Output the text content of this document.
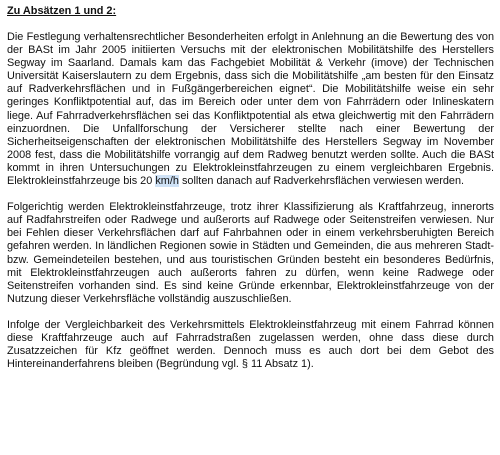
Zu Absätzen 1 und 2:

Die Festlegung verhaltensrechtlicher Besonderheiten erfolgt in Anlehnung an die Bewertung des von der BASt im Jahr 2005 initiierten Versuchs mit der elektronischen Mobilitätshilfe des Herstellers Segway im Saarland. Damals kam das Fachgebiet Mobilität & Verkehr (imove) der Technischen Universität Kaiserslautern zu dem Ergebnis, dass sich die Mobilitätshilfe „am besten für den Einsatz auf Radverkehrsflächen und in Fußgängerbereichen eignet“. Die Mobilitätshilfe weise ein sehr geringes Konfliktpotential auf, das im Bereich oder unter dem von Fahrrädern oder Inlineskatern liege. Auf Fahrradverkehrsflächen sei das Konfliktpotential als etwa gleichwertig mit den Fahrrädern einzuordnen. Die Unfallforschung der Versicherer stellte nach einer Bewertung der Sicherheitseigenschaften der elektronischen Mobilitätshilfe des Herstellers Segway im November 2008 fest, dass die Mobilitätshilfe vorrangig auf dem Radweg benutzt werden sollte. Auch die BASt kommt in ihren Untersuchungen zu Elektrokleinstfahrzeugen zu einem vergleichbaren Ergebnis. Elektrokleinstfahrzeuge bis 20 km/h sollten danach auf Radverkehrsflächen verwiesen werden.

Folgerichtig werden Elektrokleinstfahrzeuge, trotz ihrer Klassifizierung als Kraftfahrzeug, innerorts auf Radfahrstreifen oder Radwege und außerorts auf Radwege oder Seitenstreifen verwiesen. Nur bei Fehlen dieser Verkehrsflächen darf auf Fahrbahnen oder in einem verkehrsberuhigten Bereich gefahren werden. In ländlichen Regionen sowie in Städten und Gemeinden, die aus mehreren Stadt- bzw. Gemeindeteilen bestehen, und aus touristischen Gründen besteht ein besonderes Bedürfnis, mit Elektrokleinstfahrzeugen auch außerorts fahren zu dürfen, wenn keine Radwege oder Seitenstreifen vorhanden sind. Es sind keine Gründe erkennbar, Elektrokleinstfahrzeuge von der Nutzung dieser Verkehrsfläche vollständig auszuschließen.

Infolge der Vergleichbarkeit des Verkehrsmittels Elektrokleinstfahrzeug mit einem Fahrrad können diese Kraftfahrzeuge auch auf Fahrradstraßen zugelassen werden, ohne dass diese durch Zusatzzeichen für Kfz geöffnet werden. Dennoch muss es auch dort bei dem Gebot des Hintereinanderfahrens bleiben (Begründung vgl. § 11 Absatz 1).
